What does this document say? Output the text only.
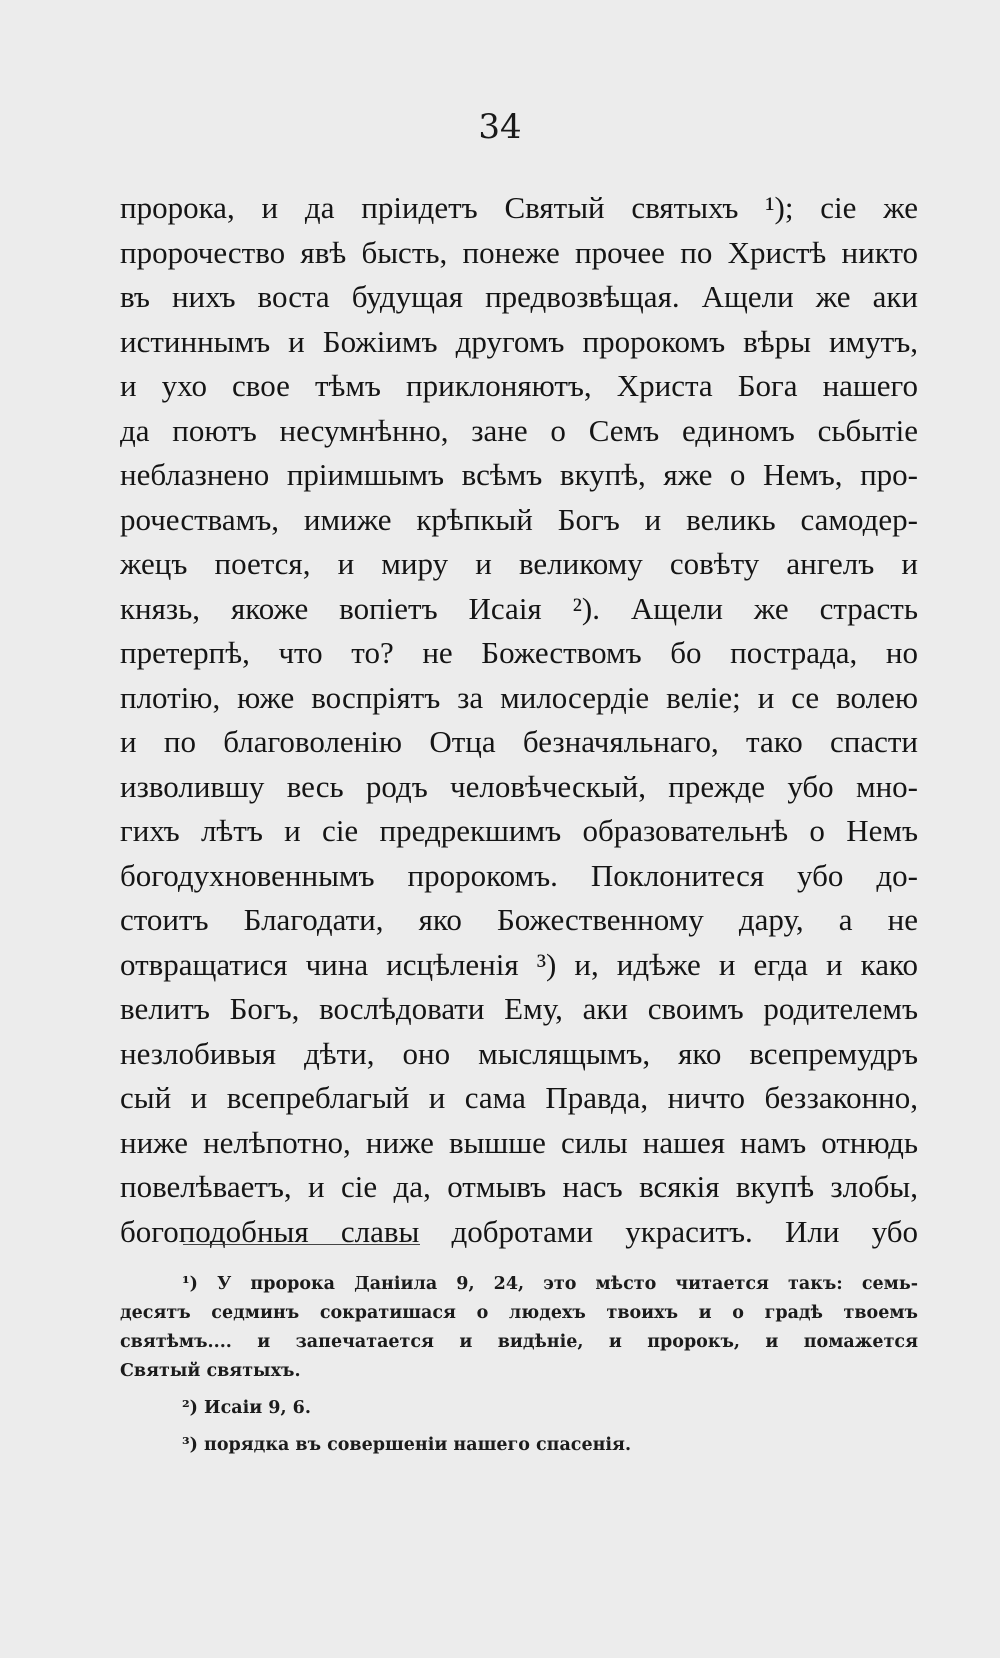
34
пророка, и да пріидетъ Святый святыхъ ¹); сіе же
пророчество явѣ бысть, понеже прочее по Христѣ никто
въ нихъ воста будущая предвозвѣщая. Ащели же аки
истиннымъ и Божіимъ другомъ пророкомъ вѣры имутъ,
и ухо свое тѣмъ приклоняютъ, Христа Бога нашего
да поютъ несумнѣнно, зане о Семъ единомъ сьбытіе
неблазнено пріимшымъ всѣмъ вкупѣ, яже о Немъ, про-
рочествамъ, имиже крѣпкый Богъ и великь самодер-
жецъ поется, и миру и великому совѣту ангелъ и
князь, якоже вопіетъ Исаія ²). Ащели же страсть
претерпѣ, что то? не Божествомъ бо пострада, но
плотію, юже воспріятъ за милосердіе веліе; и се волею
и по благоволенію Отца безначяльнаго, тако спасти
изволившу весь родъ человѣческый, прежде убо мно-
гихъ лѣтъ и сіе предрекшимъ образовательнѣ о Немъ
богодухновеннымъ пророкомъ. Поклонитеся убо до-
стоитъ Благодати, яко Божественному дару, а не
отвращатися чина исцѣленія ³) и, идѣже и егда и како
велитъ Богъ, вослѣдовати Ему, аки своимъ родителемъ
незлобивыя дѣти, оно мыслящымъ, яко всепремудръ
сый и всепреблагый и сама Правда, ничто беззаконно,
ниже нелѣпотно, ниже вышше силы нашея намъ отнюдь
повелѣваетъ, и сіе да, отмывъ насъ всякія вкупѣ злобы,
богоподобныя славы добротами украситъ. Или убо
¹) У пророка Даніила 9, 24, это мѣсто читается такъ: семь-
десятъ седминъ сократишася о людехъ твоихъ и о градѣ твоемъ
святѣмъ.... и запечатается и видѣніе, и пророкъ, и помажется
Святый святыхъ.
²) Исаіи 9, 6.
³) порядка въ совершеніи нашего спасенія.
